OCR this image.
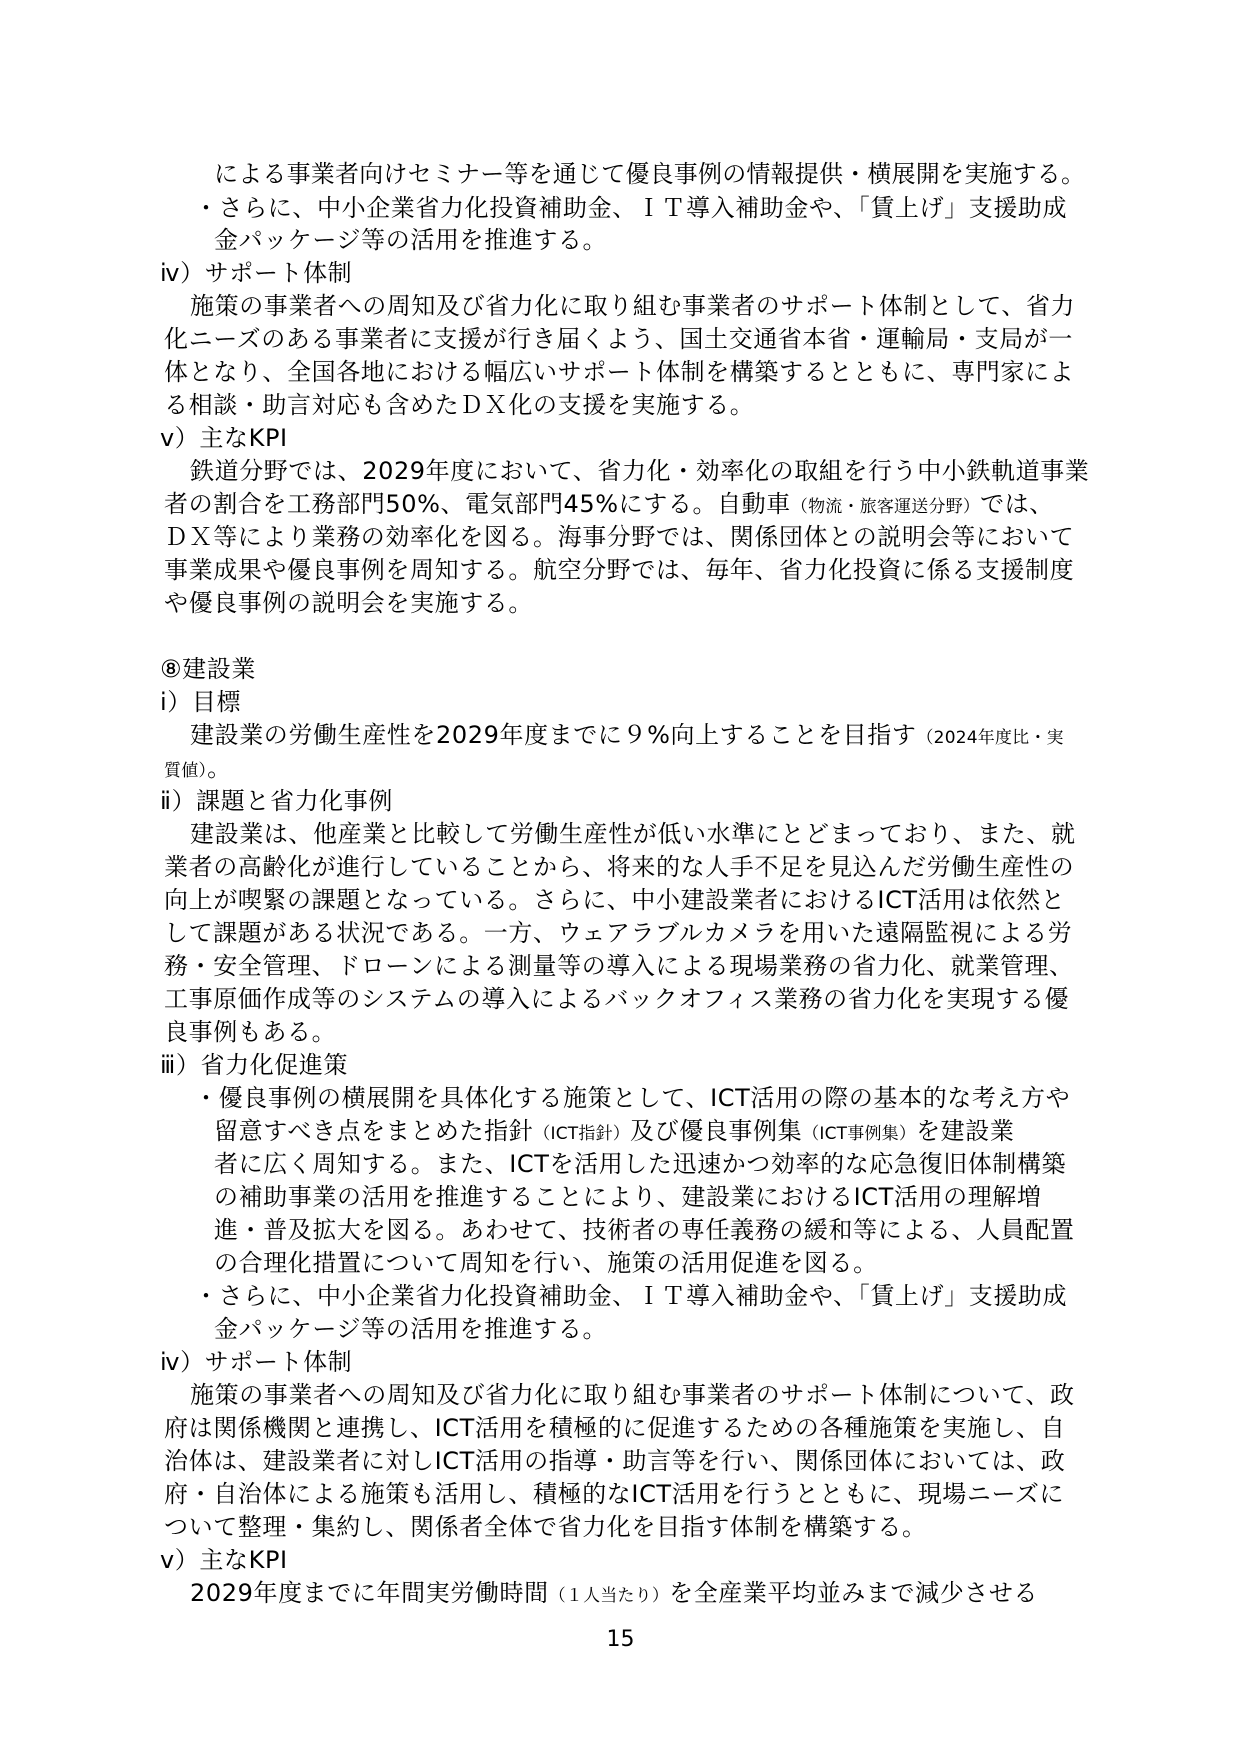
による事業者向けセミナー等を通じて優良事例の情報提供・横展開を実施する。
・さらに、中小企業省力化投資補助金、ＩＴ導入補助金や、「賃上げ」支援助成
金パッケージ等の活用を推進する。
ⅳ）サポート体制
施策の事業者への周知及び省力化に取り組む事業者のサポート体制として、省力
化ニーズのある事業者に支援が行き届くよう、国土交通省本省・運輸局・支局が一
体となり、全国各地における幅広いサポート体制を構築するとともに、専門家によ
る相談・助言対応も含めたＤＸ化の支援を実施する。
ⅴ）主なKPI
鉄道分野では、2029年度において、省力化・効率化の取組を行う中小鉄軌道事業
者の割合を工務部門50%、電気部門45%にする。自動車（物流・旅客運送分野）では、
ＤＸ等により業務の効率化を図る。海事分野では、関係団体との説明会等において
事業成果や優良事例を周知する。航空分野では、毎年、省力化投資に係る支援制度
や優良事例の説明会を実施する。
⑧建設業
ⅰ）目標
建設業の労働生産性を2029年度までに９%向上することを目指す（2024年度比・実
質値）。
ⅱ）課題と省力化事例
建設業は、他産業と比較して労働生産性が低い水準にとどまっており、また、就
業者の高齢化が進行していることから、将来的な人手不足を見込んだ労働生産性の
向上が喫緊の課題となっている。さらに、中小建設業者におけるICT活用は依然と
して課題がある状況である。一方、ウェアラブルカメラを用いた遠隔監視による労
務・安全管理、ドローンによる測量等の導入による現場業務の省力化、就業管理、
工事原価作成等のシステムの導入によるバックオフィス業務の省力化を実現する優
良事例もある。
ⅲ）省力化促進策
・優良事例の横展開を具体化する施策として、ICT活用の際の基本的な考え方や
留意すべき点をまとめた指針（ICT指針）及び優良事例集（ICT事例集）を建設業
者に広く周知する。また、ICTを活用した迅速かつ効率的な応急復旧体制構築
の補助事業の活用を推進することにより、建設業におけるICT活用の理解増
進・普及拡大を図る。あわせて、技術者の専任義務の緩和等による、人員配置
の合理化措置について周知を行い、施策の活用促進を図る。
・さらに、中小企業省力化投資補助金、ＩＴ導入補助金や、「賃上げ」支援助成
金パッケージ等の活用を推進する。
ⅳ）サポート体制
施策の事業者への周知及び省力化に取り組む事業者のサポート体制について、政
府は関係機関と連携し、ICT活用を積極的に促進するための各種施策を実施し、自
治体は、建設業者に対しICT活用の指導・助言等を行い、関係団体においては、政
府・自治体による施策も活用し、積極的なICT活用を行うとともに、現場ニーズに
ついて整理・集約し、関係者全体で省力化を目指す体制を構築する。
ⅴ）主なKPI
2029年度までに年間実労働時間（１人当たり）を全産業平均並みまで減少させる
15
